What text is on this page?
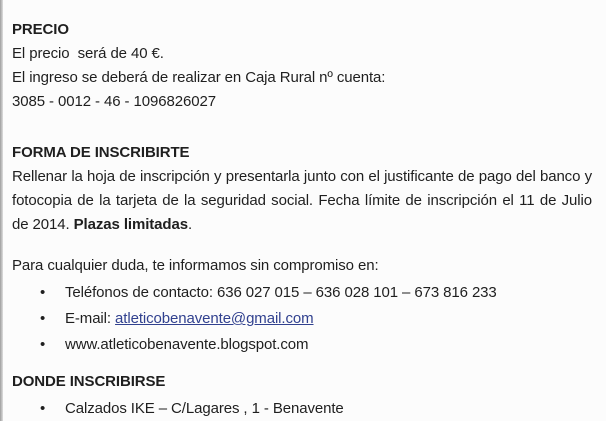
PRECIO
El precio  será de 40 €.
El ingreso se deberá de realizar en Caja Rural nº cuenta:
3085 - 0012 - 46 - 1096826027
FORMA DE INSCRIBIRTE
Rellenar la hoja de inscripción y presentarla junto con el justificante de pago del banco y fotocopia de la tarjeta de la seguridad social. Fecha límite de inscripción el 11 de Julio de 2014. Plazas limitadas.
Para cualquier duda, te informamos sin compromiso en:
•	Teléfonos de contacto: 636 027 015 – 636 028 101 – 673 816 233
•	E-mail: atleticobenavente@gmail.com
•	www.atleticobenavente.blogspot.com
DONDE INSCRIBIRSE
•	Calzados IKE – C/Lagares , 1 - Benavente
